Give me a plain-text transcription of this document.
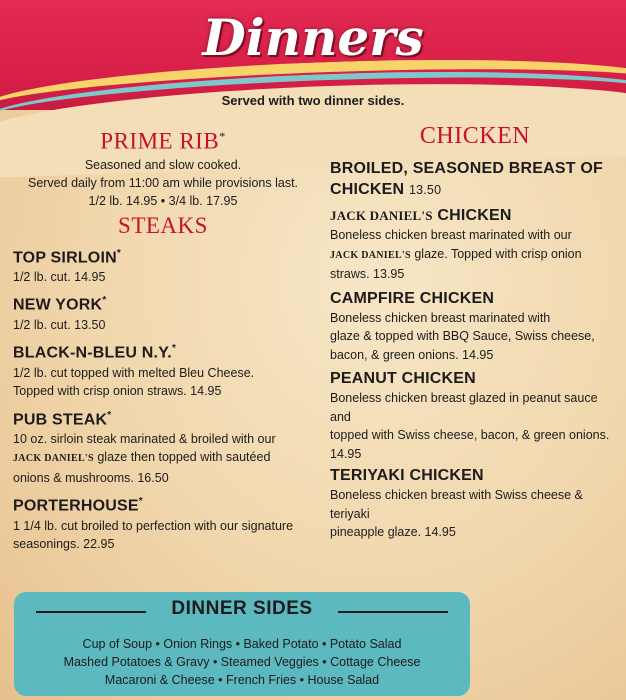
Dinners
Served with two dinner sides.
PRIME RIB*
Seasoned and slow cooked.
Served daily from 11:00 am while provisions last.
1/2 lb. 14.95 • 3/4 lb. 17.95
STEAKS
TOP SIRLOIN*
1/2 lb. cut. 14.95
NEW YORK*
1/2 lb. cut. 13.50
BLACK-N-BLEU N.Y.*
1/2 lb. cut topped with melted Bleu Cheese.
Topped with crisp onion straws. 14.95
PUB STEAK*
10 oz. sirloin steak marinated & broiled with our
JACK DANIEL'S glaze then topped with sautéed
onions & mushrooms. 16.50
PORTERHOUSE*
1 1/4 lb. cut broiled to perfection with our signature
seasonings. 22.95
CHICKEN
BROILED, SEASONED BREAST OF
CHICKEN 13.50
JACK DANIEL'S CHICKEN
Boneless chicken breast marinated with our
JACK DANIEL'S glaze. Topped with crisp onion straws. 13.95
CAMPFIRE CHICKEN
Boneless chicken breast marinated with
glaze & topped with BBQ Sauce, Swiss cheese,
bacon, & green onions. 14.95
PEANUT CHICKEN
Boneless chicken breast glazed in peanut sauce and
topped with Swiss cheese, bacon, & green onions. 14.95
TERIYAKI CHICKEN
Boneless chicken breast with Swiss cheese & teriyaki
pineapple glaze. 14.95
DINNER SIDES
Cup of Soup • Onion Rings • Baked Potato • Potato Salad
Mashed Potatoes & Gravy • Steamed Veggies • Cottage Cheese
Macaroni & Cheese • French Fries • House Salad
